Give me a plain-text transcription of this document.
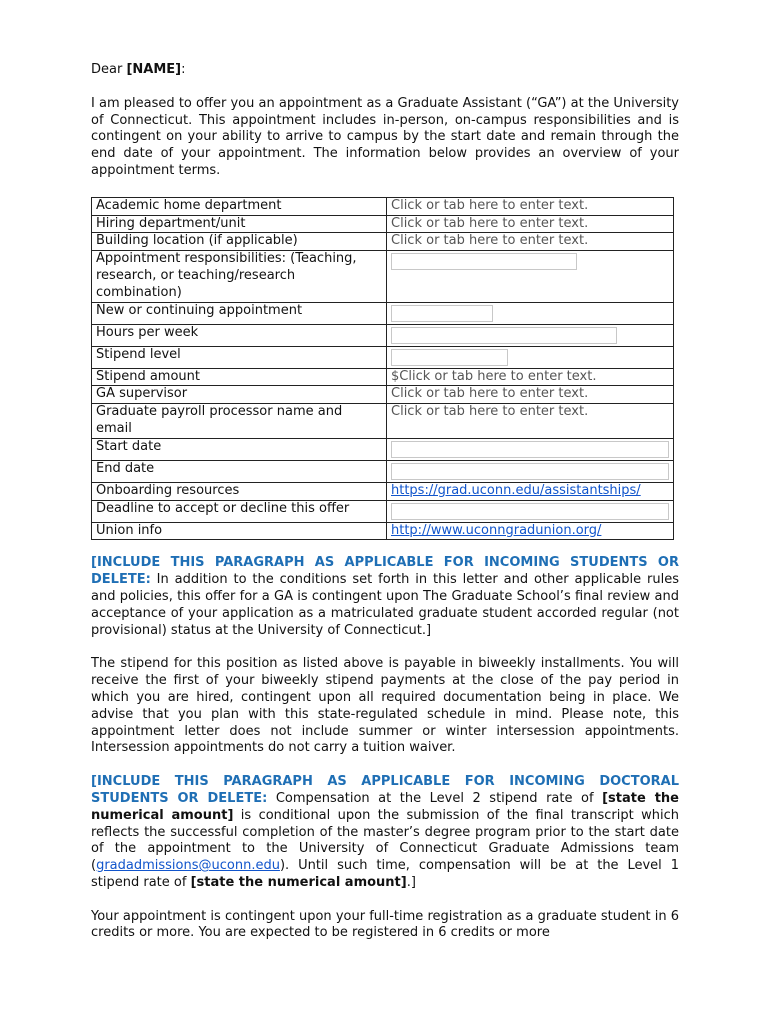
Dear [NAME]:

I am pleased to offer you an appointment as a Graduate Assistant (“GA”) at the University of Connecticut. This appointment includes in-person, on-campus responsibilities and is contingent on your ability to arrive to campus by the start date and remain through the end date of your appointment. The information below provides an overview of your appointment terms.

Academic home department	Click or tab here to enter text.
Hiring department/unit	Click or tab here to enter text.
Building location (if applicable)	Click or tab here to enter text.
Appointment responsibilities: (Teaching, research, or teaching/research combination)	

New or continuing appointment	

Hours per week	

Stipend level	

Stipend amount	$Click or tab here to enter text.
GA supervisor	Click or tab here to enter text.
Graduate payroll processor name and email	Click or tab here to enter text.
Start date	

End date	

Onboarding resources	https://grad.uconn.edu/assistantships/
Deadline to accept or decline this offer	

Union info	http://www.uconngradunion.org/

[INCLUDE THIS PARAGRAPH AS APPLICABLE FOR INCOMING STUDENTS OR DELETE: In addition to the conditions set forth in this letter and other applicable rules and policies, this offer for a GA is contingent upon The Graduate School’s final review and acceptance of your application as a matriculated graduate student accorded regular (not provisional) status at the University of Connecticut.]

The stipend for this position as listed above is payable in biweekly installments. You will receive the first of your biweekly stipend payments at the close of the pay period in which you are hired, contingent upon all required documentation being in place. We advise that you plan with this state-regulated schedule in mind. Please note, this appointment letter does not include summer or winter intersession appointments. Intersession appointments do not carry a tuition waiver.

[INCLUDE THIS PARAGRAPH AS APPLICABLE FOR INCOMING DOCTORAL STUDENTS OR DELETE: Compensation at the Level 2 stipend rate of [state the numerical amount] is conditional upon the submission of the final transcript which reflects the successful completion of the master’s degree program prior to the start date of the appointment to the University of Connecticut Graduate Admissions team (gradadmissions@uconn.edu). Until such time, compensation will be at the Level 1 stipend rate of [state the numerical amount].]

Your appointment is contingent upon your full-time registration as a graduate student in 6 credits or more. You are expected to be registered in 6 credits or more
